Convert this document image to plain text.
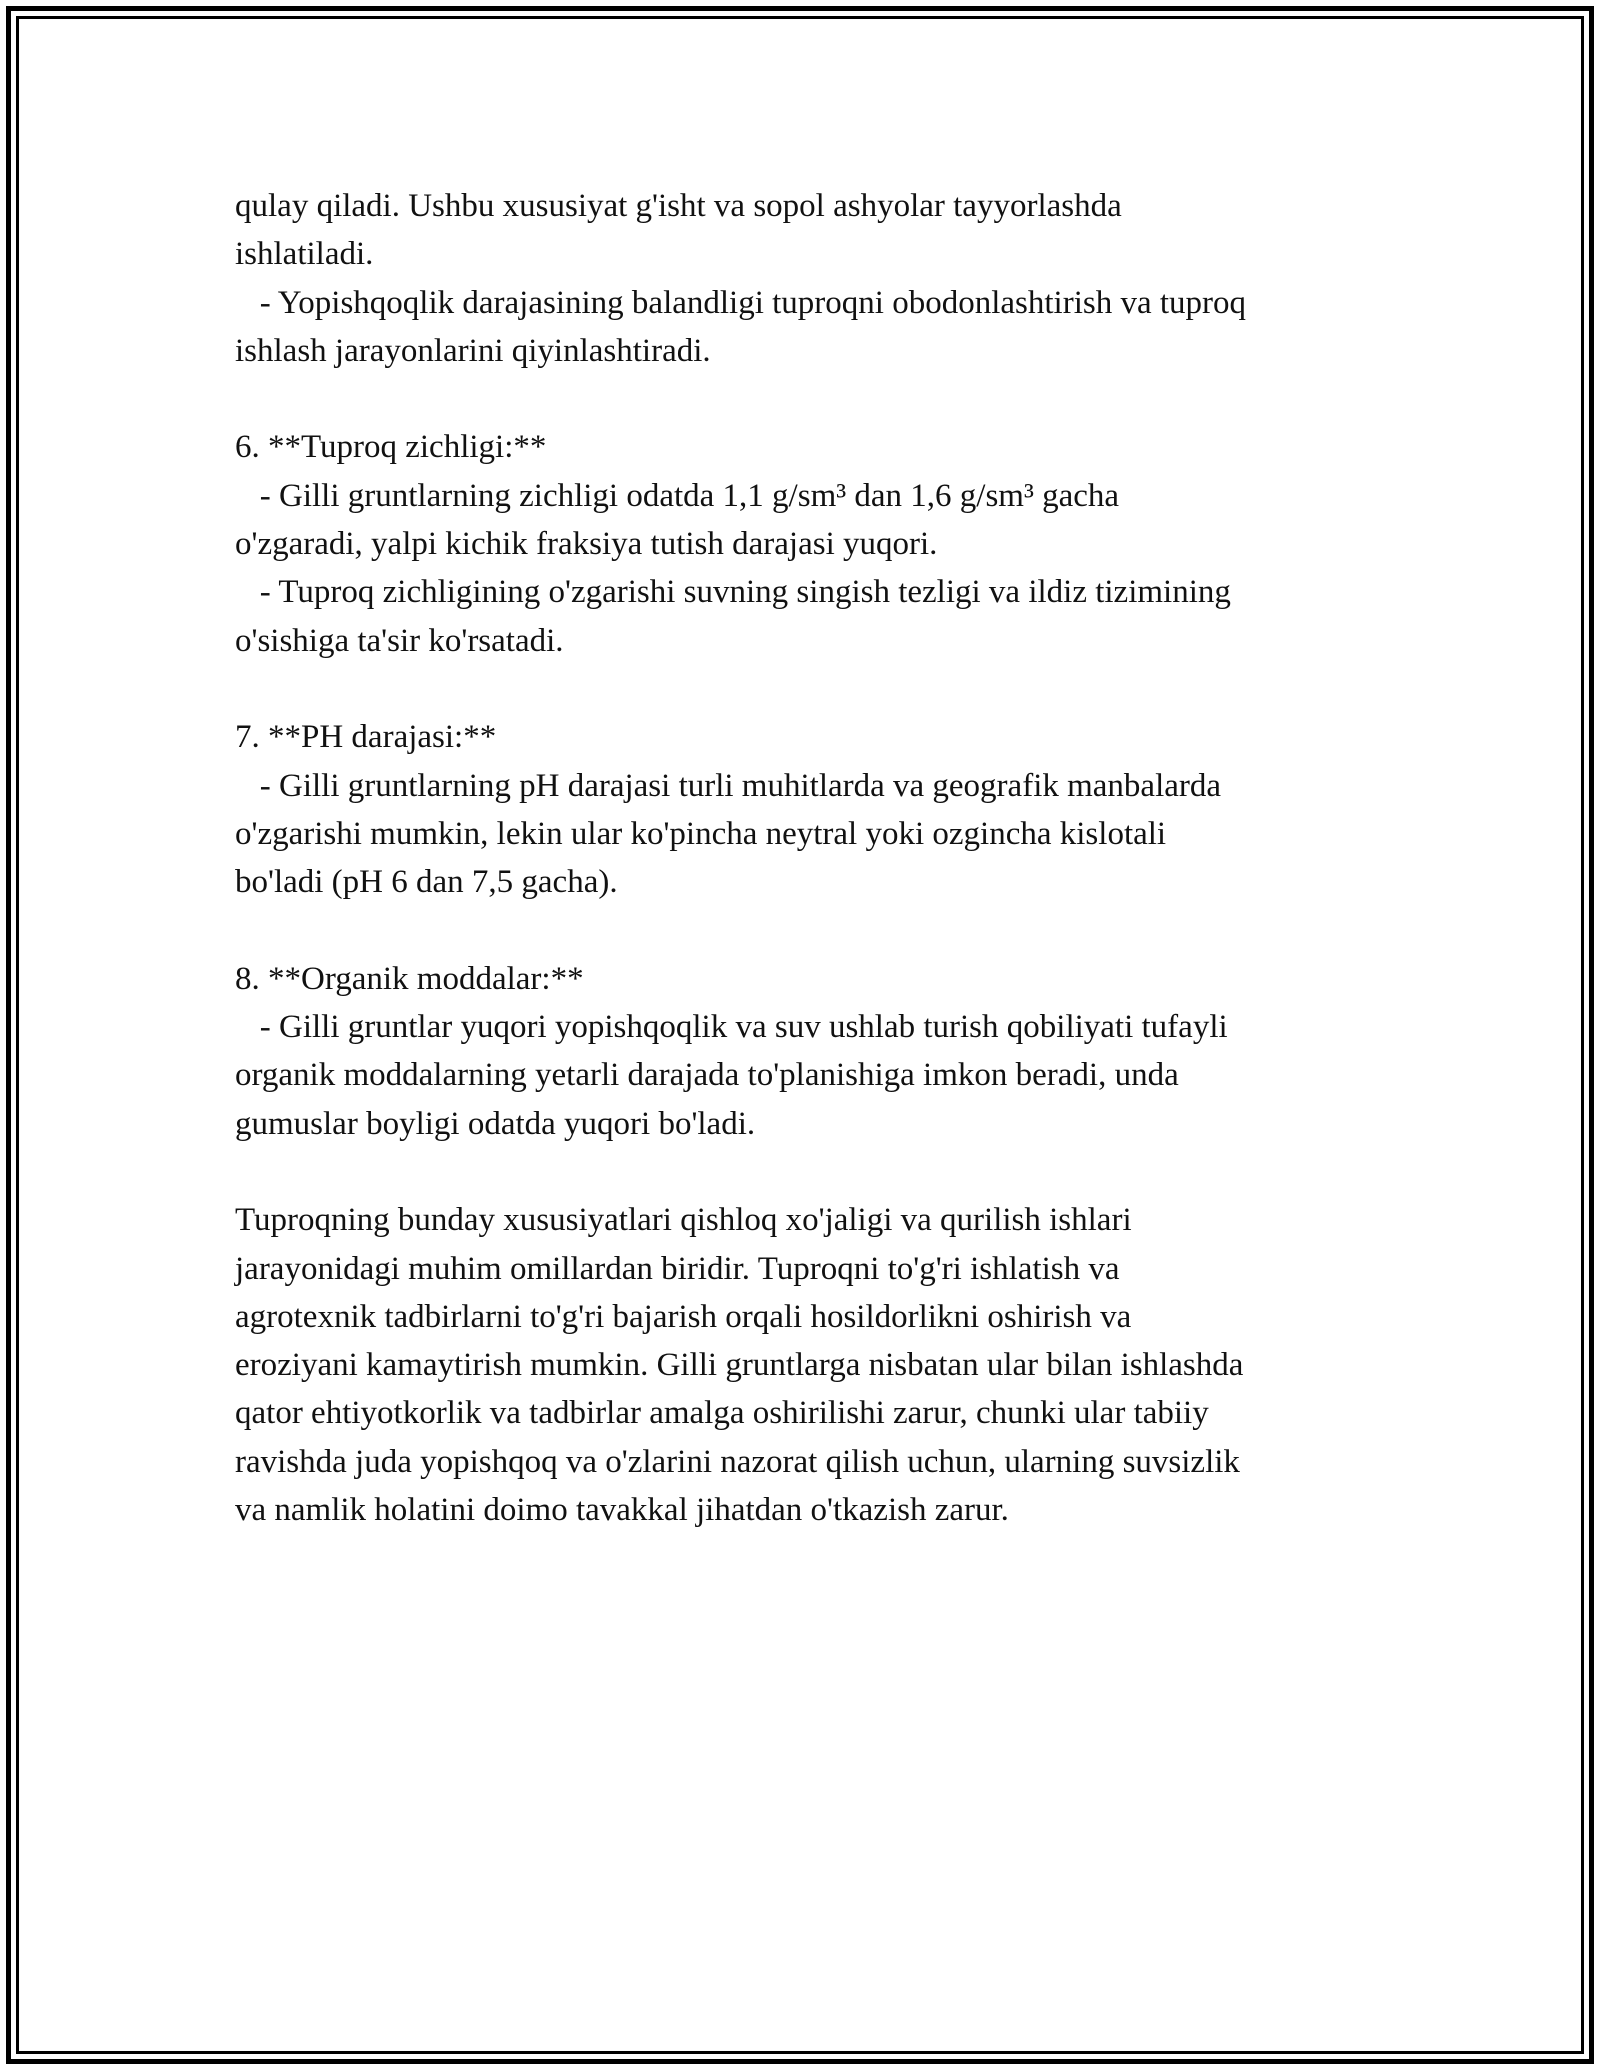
qulay qiladi. Ushbu xususiyat g'isht va sopol ashyolar tayyorlashda
ishlatiladi.
- Yopishqoqlik darajasining balandligi tuproqni obodonlashtirish va tuproq
ishlash jarayonlarini qiyinlashtiradi.
6. **Tuproq zichligi:**
- Gilli gruntlarning zichligi odatda 1,1 g/sm³ dan 1,6 g/sm³ gacha
o'zgaradi, yalpi kichik fraksiya tutish darajasi yuqori.
- Tuproq zichligining o'zgarishi suvning singish tezligi va ildiz tizimining
o'sishiga ta'sir ko'rsatadi.
7. **PH darajasi:**
- Gilli gruntlarning pH darajasi turli muhitlarda va geografik manbalarda
o'zgarishi mumkin, lekin ular ko'pincha neytral yoki ozgincha kislotali
bo'ladi (pH 6 dan 7,5 gacha).
8. **Organik moddalar:**
- Gilli gruntlar yuqori yopishqoqlik va suv ushlab turish qobiliyati tufayli
organik moddalarning yetarli darajada to'planishiga imkon beradi, unda
gumuslar boyligi odatda yuqori bo'ladi.
Tuproqning bunday xususiyatlari qishloq xo'jaligi va qurilish ishlari
jarayonidagi muhim omillardan biridir. Tuproqni to'g'ri ishlatish va
agrotexnik tadbirlarni to'g'ri bajarish orqali hosildorlikni oshirish va
eroziyani kamaytirish mumkin. Gilli gruntlarga nisbatan ular bilan ishlashda
qator ehtiyotkorlik va tadbirlar amalga oshirilishi zarur, chunki ular tabiiy
ravishda juda yopishqoq va o'zlarini nazorat qilish uchun, ularning suvsizlik
va namlik holatini doimo tavakkal jihatdan o'tkazish zarur.
